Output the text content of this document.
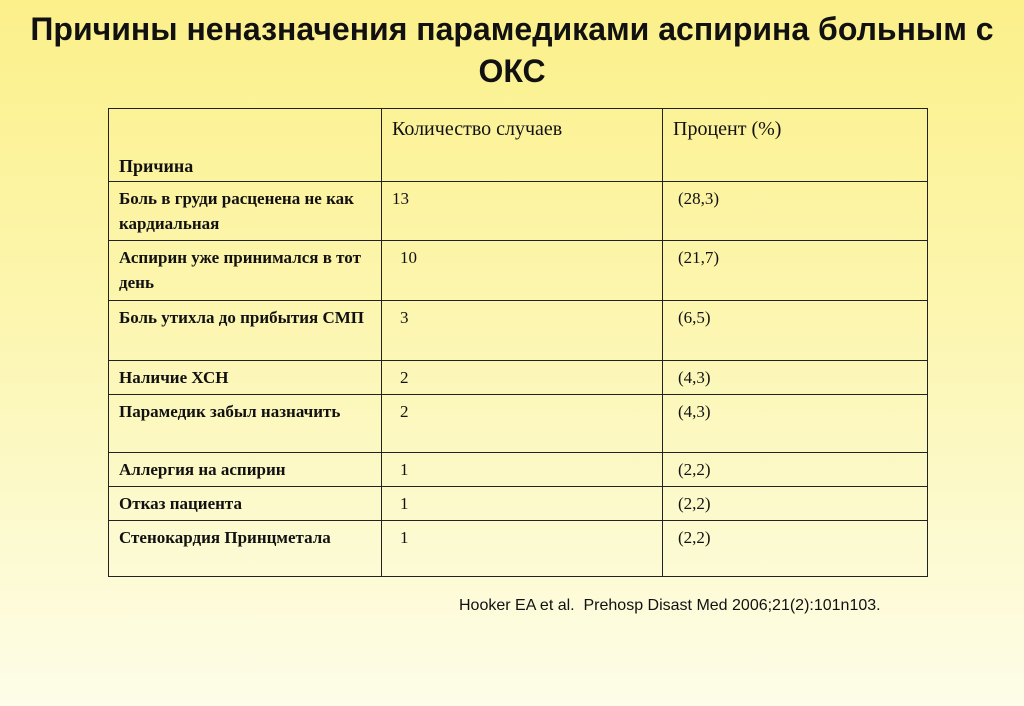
Причины неназначения парамедиками аспирина больным с ОКС
Причина	Количество случаев	Процент (%)
Боль в груди расценена не как кардиальная	13	(28,3)
Аспирин уже принимался в тот день	10	(21,7)
Боль утихла до прибытия СМП	3	(6,5)
Наличие ХСН	2	(4,3)
Парамедик забыл назначить	2	(4,3)
Аллергия на аспирин	1	(2,2)
Отказ пациента	1	(2,2)
Стенокардия Принцметала	1	(2,2)
Hooker EA et al.  Prehosp Disast Med 2006;21(2):101n103.
